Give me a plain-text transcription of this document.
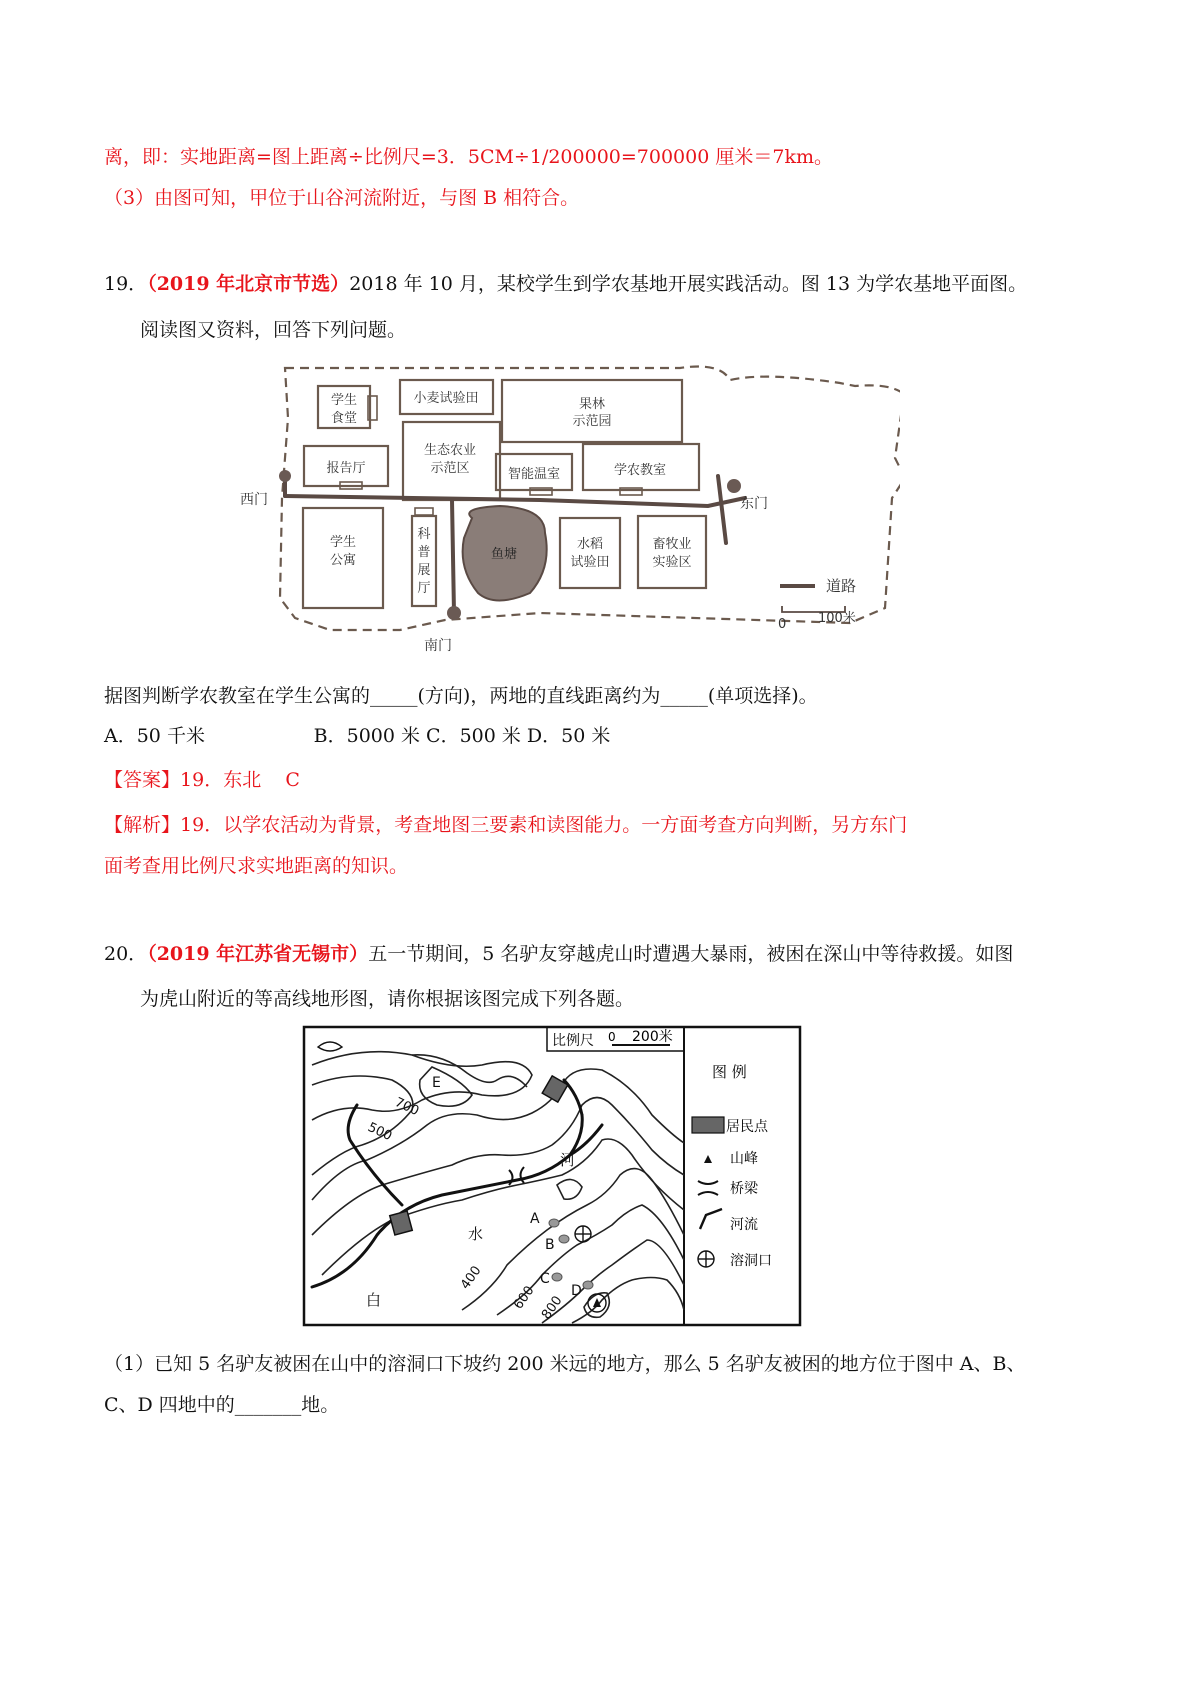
离，即：实地距离=图上距离÷比例尺=3．5CM÷1/200000=700000 厘米＝7km。
（3）由图可知，甲位于山谷河流附近，与图 B 相符合。
19．（2019 年北京市节选）2018 年 10 月，某校学生到学农基地开展实践活动。图 13 为学农基地平面图。
阅读图又资料，回答下列问题。
学生
食堂
小麦试验田	果林
示范园
报告厅
生态农业
示范区	智能温室	学农教室
学生
公寓
科
普
展
厅
鱼塘
水稻
试验田
畜牧业
实验区
西门	东门
南门
道路
0 100米
据图判断学农教室在学生公寓的_____(方向)，两地的直线距离约为_____(单项选择)。
A．50 千米                  B．5000 米 C．500 米 D．50 米
【答案】19．东北    C
【解析】19．以学农活动为背景，考查地图三要素和读图能力。一方面考查方向判断，另方东门
面考查用比例尺求实地距离的知识。
20．（2019 年江苏省无锡市）五一节期间，5 名驴友穿越虎山时遭遇大暴雨，被困在深山中等待救援。如图
为虎山附近的等高线地形图，请你根据该图完成下列各题。
比例尺 0 200米
E
A
B
C
D
700
500
400
600 800
河
水
白
图 例
居民点
山峰
桥梁
河流
溶洞口
（1）已知 5 名驴友被困在山中的溶洞口下坡约 200 米远的地方，那么 5 名驴友被困的地方位于图中 A、B、
C、D 四地中的_______地。
